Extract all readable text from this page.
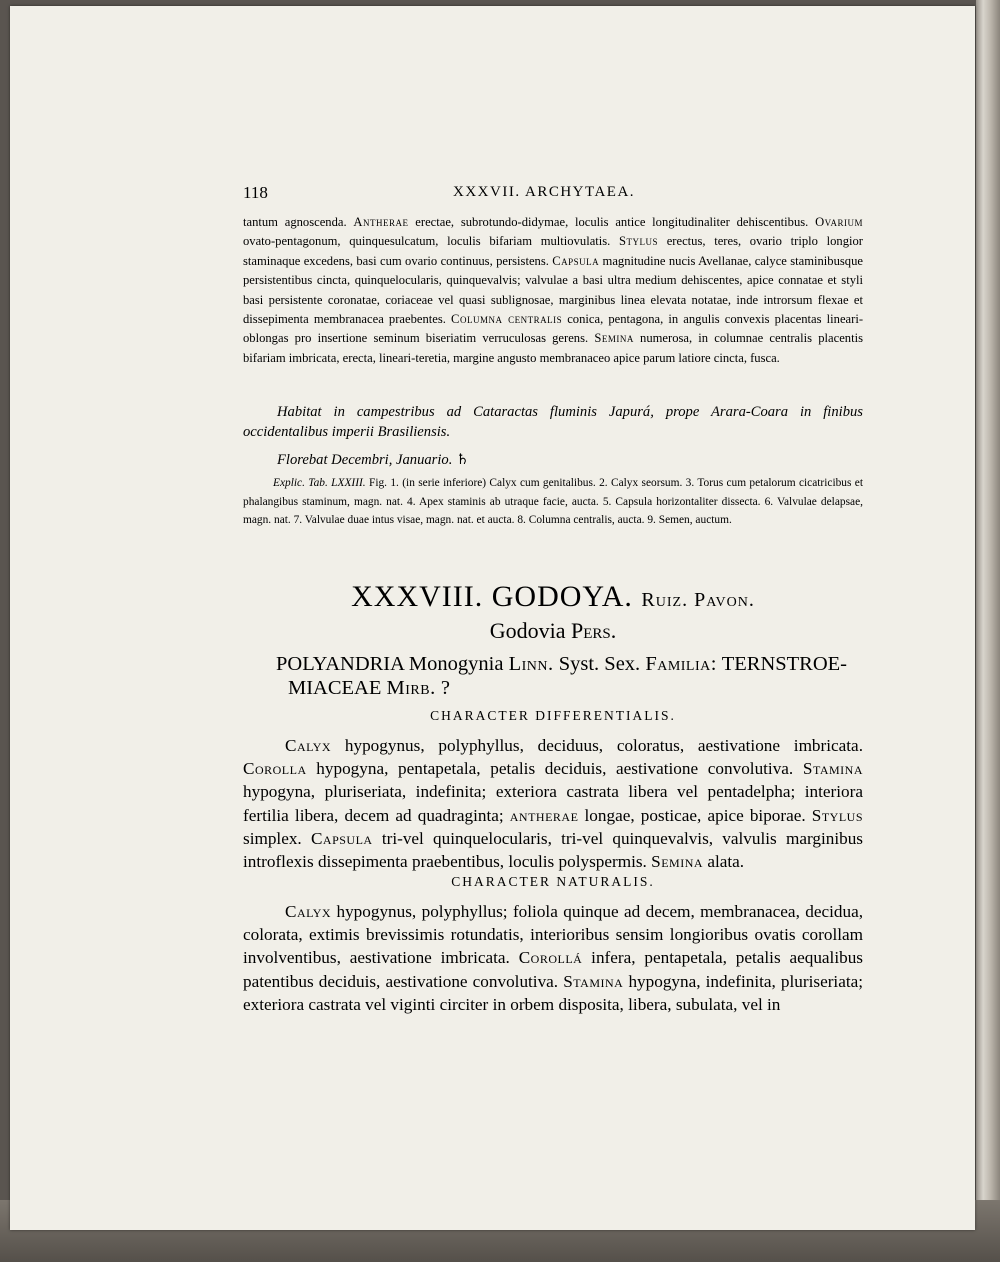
118	XXXVII. ARCHYTAEA.
tantum agnoscenda. Antherae erectae, subrotundo-didymae, loculis antice longitudinaliter dehiscentibus. Ovarium ovato-pentagonum, quinquesulcatum, loculis bifariam multiovulatis. Stylus erectus, teres, ovario triplo longior staminaque excedens, basi cum ovario continuus, persistens. Capsula magnitudine nucis Avellanae, calyce staminibusque persistentibus cincta, quinquelocularis, quinquevalvis; valvulae a basi ultra medium dehiscentes, apice connatae et styli basi persistente coronatae, coriaceae vel quasi sublignosae, marginibus linea elevata notatae, inde introrsum flexae et dissepimenta membranacea praebentes. Columna centralis conica, pentagona, in angulis convexis placentas lineari-oblongas pro insertione seminum biseriatim verruculosas gerens. Semina numerosa, in columnae centralis placentis bifariam imbricata, erecta, lineari-teretia, margine angusto membranaceo apice parum latiore cincta, fusca.
Habitat in campestribus ad Cataractas fluminis Japurá, prope Arara-Coara in finibus occidentalibus imperii Brasiliensis.
Florebat Decembri, Januario. ♄
Explic. Tab. LXXIII. Fig. 1. (in serie inferiore) Calyx cum genitalibus. 2. Calyx seorsum. 3. Torus cum petalorum cicatricibus et phalangibus staminum, magn. nat. 4. Apex staminis ab utraque facie, aucta. 5. Capsula horizontaliter dissecta. 6. Valvulae delapsae, magn. nat. 7. Valvulae duae intus visae, magn. nat. et aucta. 8. Columna centralis, aucta. 9. Semen, auctum.
XXXVIII. GODOYA. Ruiz. Pavon.
Godovia Pers.
POLYANDRIA Monogynia Linn. Syst. Sex. Familia: TERNSTROE-
MIACEAE Mirb. ?
CHARACTER DIFFERENTIALIS.
Calyx hypogynus, polyphyllus, deciduus, coloratus, aestivatione imbricata. Corolla hypogyna, pentapetala, petalis deciduis, aestivatione convolutiva. Stamina hypogyna, pluriseriata, indefinita; exteriora castrata libera vel pentadelpha; interiora fertilia libera, decem ad quadraginta; antherae longae, posticae, apice biporae. Stylus simplex. Capsula tri-vel quinquelocularis, tri-vel quinquevalvis, valvulis marginibus introflexis dissepimenta praebentibus, loculis polyspermis. Semina alata.
CHARACTER NATURALIS.
Calyx hypogynus, polyphyllus; foliola quinque ad decem, membranacea, decidua, colorata, extimis brevissimis rotundatis, interioribus sensim longioribus ovatis corollam involventibus, aestivatione imbricata. Corollá infera, pentapetala, petalis aequalibus patentibus deciduis, aestivatione convolutiva. Stamina hypogyna, indefinita, pluriseriata; exteriora castrata vel viginti circiter in orbem disposita, libera, subulata, vel in
